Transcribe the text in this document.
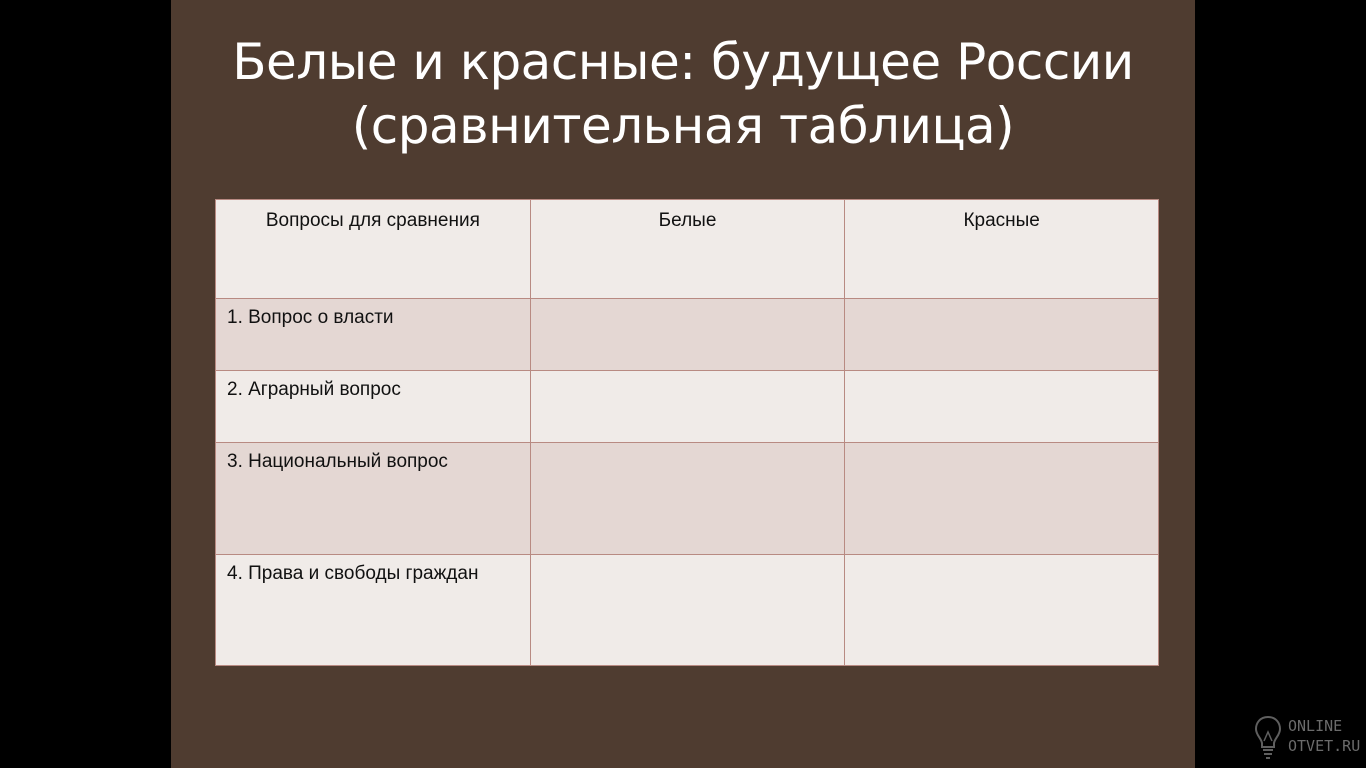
Белые и красные: будущее России
(сравнительная таблица)
Вопросы для сравнения	Белые	Красные
1. Вопрос о власти		
2. Аграрный вопрос		
3. Национальный вопрос		
4. Права и свободы граждан		
ONLINE
OTVET.RU
